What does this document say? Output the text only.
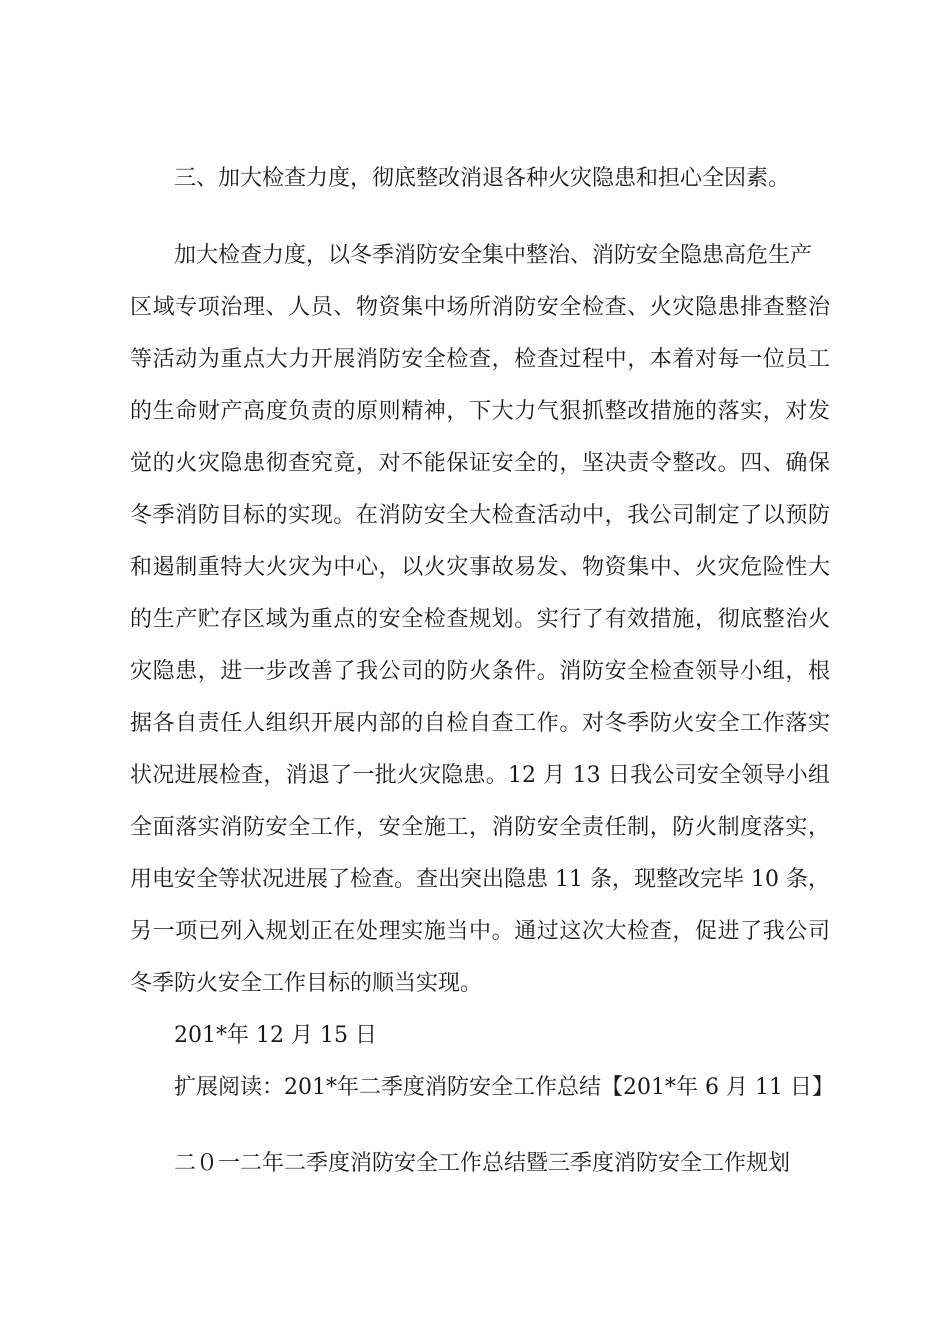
三、加大检查力度，彻底整改消退各种火灾隐患和担心全因素。

加大检查力度，以冬季消防安全集中整治、消防安全隐患高危生产

区域专项治理、人员、物资集中场所消防安全检查、火灾隐患排查整治

等活动为重点大力开展消防安全检查，检查过程中，本着对每一位员工

的生命财产高度负责的原则精神，下大力气狠抓整改措施的落实，对发

觉的火灾隐患彻查究竟，对不能保证安全的，坚决责令整改。四、确保

冬季消防目标的实现。在消防安全大检查活动中，我公司制定了以预防

和遏制重特大火灾为中心，以火灾事故易发、物资集中、火灾危险性大

的生产贮存区域为重点的安全检查规划。实行了有效措施，彻底整治火

灾隐患，进一步改善了我公司的防火条件。消防安全检查领导小组，根

据各自责任人组织开展内部的自检自查工作。对冬季防火安全工作落实

状况进展检查，消退了一批火灾隐患。12 月 13 日我公司安全领导小组

全面落实消防安全工作，安全施工，消防安全责任制，防火制度落实，

用电安全等状况进展了检查。查出突出隐患 11 条，现整改完毕 10 条，

另一项已列入规划正在处理实施当中。通过这次大检查，促进了我公司

冬季防火安全工作目标的顺当实现。

201*年 12 月 15 日

扩展阅读：201*年二季度消防安全工作总结【201*年 6 月 11 日】

二０一二年二季度消防安全工作总结暨三季度消防安全工作规划
